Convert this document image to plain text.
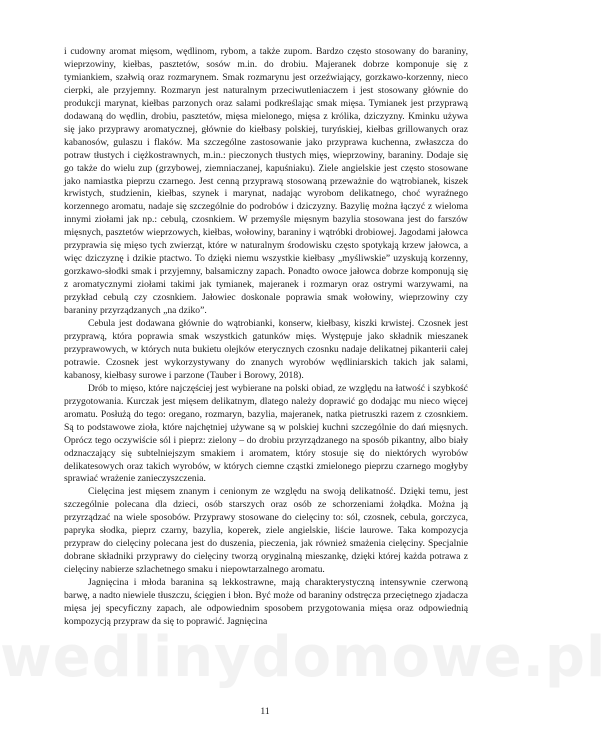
wedlinydomowe.pl

i cudowny aromat mięsom, wędlinom, rybom, a także zupom. Bardzo często stosowany do baraniny, wieprzowiny, kiełbas, pasztetów, sosów m.in. do drobiu. Majeranek dobrze komponuje się z tymiankiem, szałwią oraz rozmarynem. Smak rozmarynu jest orzeźwiający, gorzkawo-korzenny, nieco cierpki, ale przyjemny. Rozmaryn jest naturalnym przeciwutleniaczem i jest stosowany głównie do produkcji marynat, kiełbas parzonych oraz salami podkreślając smak mięsa. Tymianek jest przyprawą dodawaną do wędlin, drobiu, pasztetów, mięsa mielonego, mięsa z królika, dziczyzny. Kminku używa się jako przyprawy aromatycznej, głównie do kiełbasy polskiej, turyńskiej, kiełbas grillowanych oraz kabanosów, gulaszu i flaków. Ma szczególne zastosowanie jako przyprawa kuchenna, zwłaszcza do potraw tłustych i ciężkostrawnych, m.in.: pieczonych tłustych mięs, wieprzowiny, baraniny. Dodaje się go także do wielu zup (grzybowej, ziemniaczanej, kapuśniaku). Ziele angielskie jest często stosowane jako namiastka pieprzu czarnego. Jest cenną przyprawą stosowaną przeważnie do wątrobianek, kiszek krwistych, studzienin, kiełbas, szynek i marynat, nadając wyrobom delikatnego, choć wyraźnego korzennego aromatu, nadaje się szczególnie do podrobów i dziczyzny. Bazylię można łączyć z wieloma innymi ziołami jak np.: cebulą, czosnkiem. W przemyśle mięsnym bazylia stosowana jest do farszów mięsnych, pasztetów wieprzowych, kiełbas, wołowiny, baraniny i wątróbki drobiowej. Jagodami jałowca przyprawia się mięso tych zwierząt, które w naturalnym środowisku często spotykają krzew jałowca, a więc dziczyznę i dzikie ptactwo. To dzięki niemu wszystkie kiełbasy „myśliwskie” uzyskują korzenny, gorzkawo-słodki smak i przyjemny, balsamiczny zapach. Ponadto owoce jałowca dobrze komponują się z aromatycznymi ziołami takimi jak tymianek, majeranek i rozmaryn oraz ostrymi warzywami, na przykład cebulą czy czosnkiem. Jałowiec doskonale poprawia smak wołowiny, wieprzowiny czy baraniny przyrządzanych „na dziko”.

Cebula jest dodawana głównie do wątrobianki, konserw, kiełbasy, kiszki krwistej. Czosnek jest przyprawą, która poprawia smak wszystkich gatunków mięs. Występuje jako składnik mieszanek przyprawowych, w których nuta bukietu olejków eterycznych czosnku nadaje delikatnej pikanterii całej potrawie. Czosnek jest wykorzystywany do znanych wyrobów wędliniarskich takich jak salami, kabanosy, kiełbasy surowe i parzone (Tauber i Borowy, 2018).

Drób to mięso, które najczęściej jest wybierane na polski obiad, ze względu na łatwość i szybkość przygotowania. Kurczak jest mięsem delikatnym, dlatego należy doprawić go dodając mu nieco więcej aromatu. Posłużą do tego: oregano, rozmaryn, bazylia, majeranek, natka pietruszki razem z czosnkiem. Są to podstawowe zioła, które najchętniej używane są w polskiej kuchni szczególnie do dań mięsnych. Oprócz tego oczywiście sól i pieprz: zielony – do drobiu przyrządzanego na sposób pikantny, albo biały odznaczający się subtelniejszym smakiem i aromatem, który stosuje się do niektórych wyrobów delikatesowych oraz takich wyrobów, w których ciemne cząstki zmielonego pieprzu czarnego mogłyby sprawiać wrażenie zanieczyszczenia.

Cielęcina jest mięsem znanym i cenionym ze względu na swoją delikatność. Dzięki temu, jest szczególnie polecana dla dzieci, osób starszych oraz osób ze schorzeniami żołądka. Można ją przyrządzać na wiele sposobów. Przyprawy stosowane do cielęciny to: sól, czosnek, cebula, gorczyca, papryka słodka, pieprz czarny, bazylia, koperek, ziele angielskie, liście laurowe. Taka kompozycja przypraw do cielęciny polecana jest do duszenia, pieczenia, jak również smażenia cielęciny. Specjalnie dobrane składniki przyprawy do cielęciny tworzą oryginalną mieszankę, dzięki której każda potrawa z cielęciny nabierze szlachetnego smaku i niepowtarzalnego aromatu.

Jagnięcina i młoda baranina są lekkostrawne, mają charakterystyczną intensywnie czerwoną barwę, a nadto niewiele tłuszczu, ścięgien i błon. Być może od baraniny odstręcza przeciętnego zjadacza mięsa jej specyficzny zapach, ale odpowiednim sposobem przygotowania mięsa oraz odpowiednią kompozycją przypraw da się to poprawić. Jagnięcina

11
